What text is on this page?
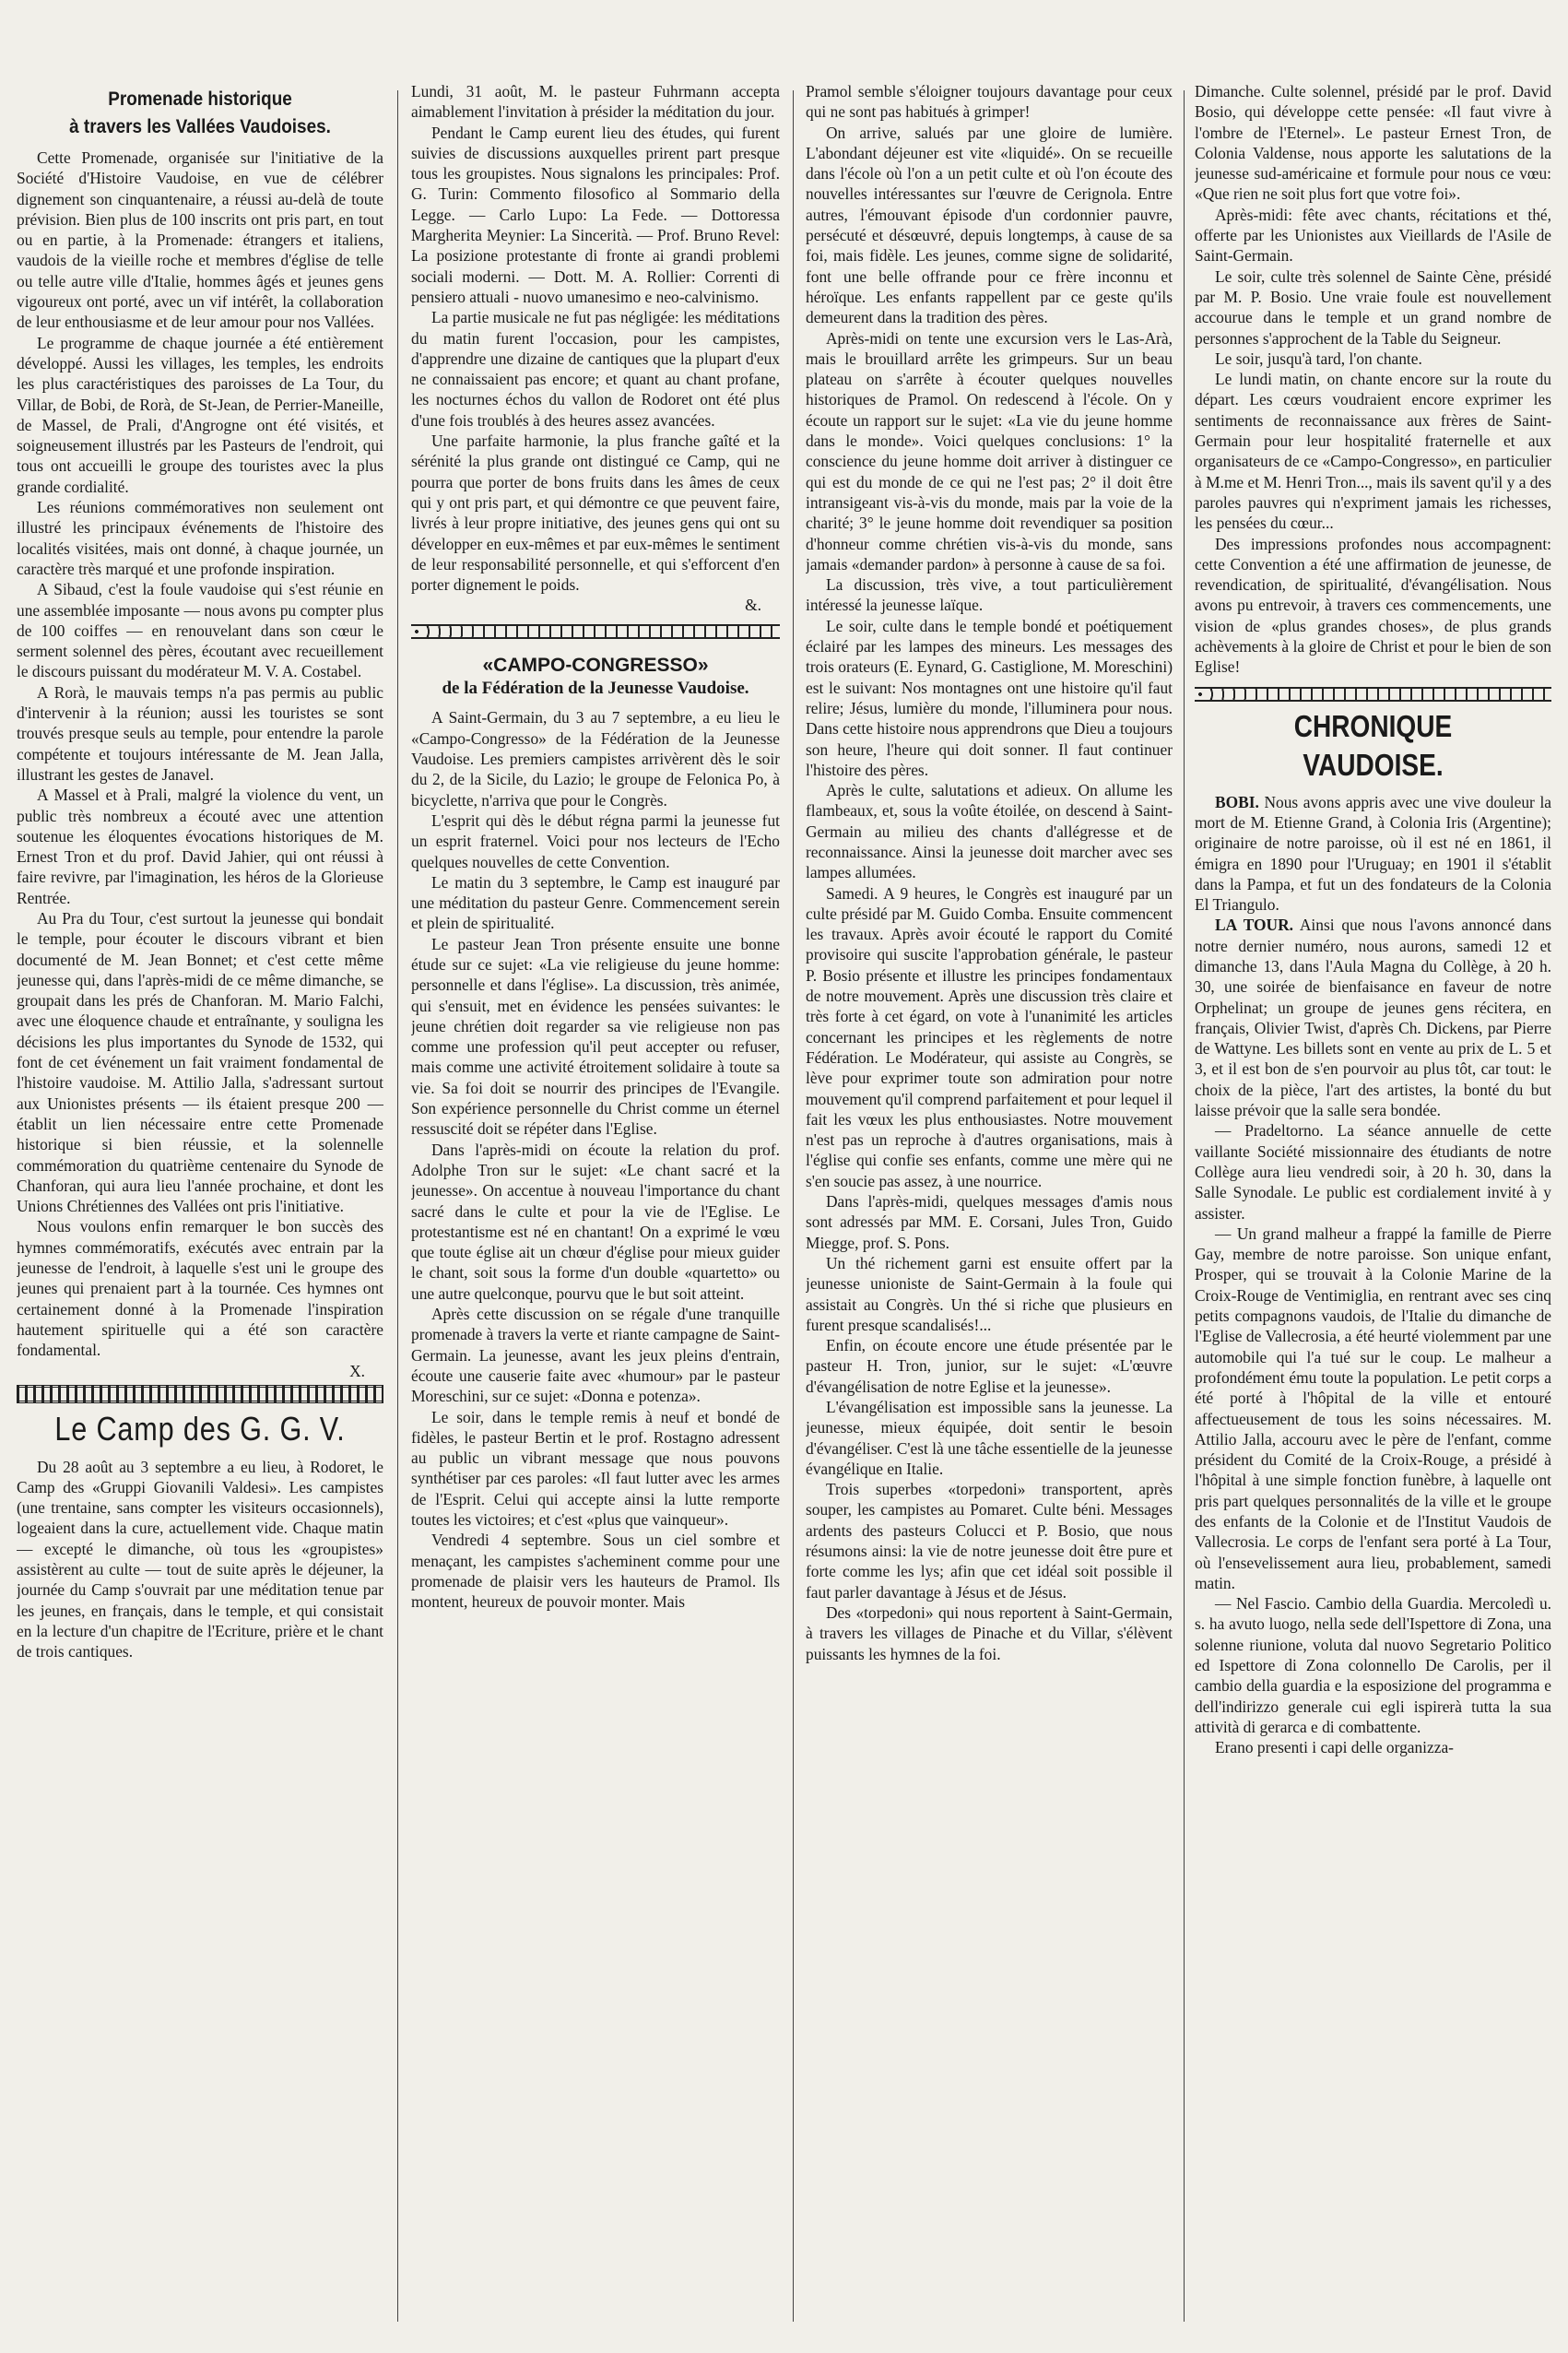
Promenade historique
à travers les Vallées Vaudoises.

Cette Promenade, organisée sur l'initiative de la Société d'Histoire Vaudoise, en vue de célébrer dignement son cinquantenaire, a réussi au-delà de toute prévision. Bien plus de 100 inscrits ont pris part, en tout ou en partie, à la Promenade: étrangers et italiens, vaudois de la vieille roche et membres d'église de telle ou telle autre ville d'Italie, hommes âgés et jeunes gens vigoureux ont porté, avec un vif intérêt, la collaboration de leur enthousiasme et de leur amour pour nos Vallées.

Le programme de chaque journée a été entièrement développé. Aussi les villages, les temples, les endroits les plus caractéristiques des paroisses de La Tour, du Villar, de Bobi, de Rorà, de St-Jean, de Perrier-Maneille, de Massel, de Prali, d'Angrogne ont été visités, et soigneusement illustrés par les Pasteurs de l'endroit, qui tous ont accueilli le groupe des touristes avec la plus grande cordialité.

Les réunions commémoratives non seulement ont illustré les principaux événements de l'histoire des localités visitées, mais ont donné, à chaque journée, un caractère très marqué et une profonde inspiration.

A Sibaud, c'est la foule vaudoise qui s'est réunie en une assemblée imposante — nous avons pu compter plus de 100 coiffes — en renouvelant dans son cœur le serment solennel des pères, écoutant avec recueillement le discours puissant du modérateur M. V. A. Costabel.

A Rorà, le mauvais temps n'a pas permis au public d'intervenir à la réunion; aussi les touristes se sont trouvés presque seuls au temple, pour entendre la parole compétente et toujours intéressante de M. Jean Jalla, illustrant les gestes de Janavel.

A Massel et à Prali, malgré la violence du vent, un public très nombreux a écouté avec une attention soutenue les éloquentes évocations historiques de M. Ernest Tron et du prof. David Jahier, qui ont réussi à faire revivre, par l'imagination, les héros de la Glorieuse Rentrée.

Au Pra du Tour, c'est surtout la jeunesse qui bondait le temple, pour écouter le discours vibrant et bien documenté de M. Jean Bonnet; et c'est cette même jeunesse qui, dans l'après-midi de ce même dimanche, se groupait dans les prés de Chanforan. M. Mario Falchi, avec une éloquence chaude et entraînante, y souligna les décisions les plus importantes du Synode de 1532, qui font de cet événement un fait vraiment fondamental de l'histoire vaudoise. M. Attilio Jalla, s'adressant surtout aux Unionistes présents — ils étaient presque 200 — établit un lien nécessaire entre cette Promenade historique si bien réussie, et la solennelle commémoration du quatrième centenaire du Synode de Chanforan, qui aura lieu l'année prochaine, et dont les Unions Chrétiennes des Vallées ont pris l'initiative.

Nous voulons enfin remarquer le bon succès des hymnes commémoratifs, exécutés avec entrain par la jeunesse de l'endroit, à laquelle s'est uni le groupe des jeunes qui prenaient part à la tournée. Ces hymnes ont certainement donné à la Promenade l'inspiration hautement spirituelle qui a été son caractère fondamental.

X.
Le Camp des G. G. V.

Du 28 août au 3 septembre a eu lieu, à Rodoret, le Camp des «Gruppi Giovanili Valdesi». Les campistes (une trentaine, sans compter les visiteurs occasionnels), logeaient dans la cure, actuellement vide. Chaque matin — excepté le dimanche, où tous les «groupistes» assistèrent au culte — tout de suite après le déjeuner, la journée du Camp s'ouvrait par une méditation tenue par les jeunes, en français, dans le temple, et qui consistait en la lecture d'un chapitre de l'Ecriture, prière et le chant de trois cantiques.

Lundi, 31 août, M. le pasteur Fuhrmann accepta aimablement l'invitation à présider la méditation du jour.

Pendant le Camp eurent lieu des études, qui furent suivies de discussions auxquelles prirent part presque tous les groupistes. Nous signalons les principales: Prof. G. Turin: Commento filosofico al Sommario della Legge. — Carlo Lupo: La Fede. — Dottoressa Margherita Meynier: La Sincerità. — Prof. Bruno Revel: La posizione protestante di fronte ai grandi problemi sociali moderni. — Dott. M. A. Rollier: Correnti di pensiero attuali - nuovo umanesimo e neo-calvinismo.

La partie musicale ne fut pas négligée: les méditations du matin furent l'occasion, pour les campistes, d'apprendre une dizaine de cantiques que la plupart d'eux ne connaissaient pas encore; et quant au chant profane, les nocturnes échos du vallon de Rodoret ont été plus d'une fois troublés à des heures assez avancées.

Une parfaite harmonie, la plus franche gaîté et la sérénité la plus grande ont distingué ce Camp, qui ne pourra que porter de bons fruits dans les âmes de ceux qui y ont pris part, et qui démontre ce que peuvent faire, livrés à leur propre initiative, des jeunes gens qui ont su développer en eux-mêmes et par eux-mêmes le sentiment de leur responsabilité personnelle, et qui s'efforcent d'en porter dignement le poids.

&.
«CAMPO-CONGRESSO»
de la Fédération de la Jeunesse Vaudoise.

A Saint-Germain, du 3 au 7 septembre, a eu lieu le «Campo-Congresso» de la Fédération de la Jeunesse Vaudoise. Les premiers campistes arrivèrent dès le soir du 2, de la Sicile, du Lazio; le groupe de Felonica Po, à bicyclette, n'arriva que pour le Congrès.

L'esprit qui dès le début régna parmi la jeunesse fut un esprit fraternel. Voici pour nos lecteurs de l'Echo quelques nouvelles de cette Convention.

Le matin du 3 septembre, le Camp est inauguré par une méditation du pasteur Genre. Commencement serein et plein de spiritualité.

Le pasteur Jean Tron présente ensuite une bonne étude sur ce sujet: «La vie religieuse du jeune homme: personnelle et dans l'église». La discussion, très animée, qui s'ensuit, met en évidence les pensées suivantes: le jeune chrétien doit regarder sa vie religieuse non pas comme une profession qu'il peut accepter ou refuser, mais comme une activité étroitement solidaire à toute sa vie. Sa foi doit se nourrir des principes de l'Evangile. Son expérience personnelle du Christ comme un éternel ressuscité doit se répéter dans l'Eglise.

Dans l'après-midi on écoute la relation du prof. Adolphe Tron sur le sujet: «Le chant sacré et la jeunesse». On accentue à nouveau l'importance du chant sacré dans le culte et pour la vie de l'Eglise. Le protestantisme est né en chantant! On a exprimé le vœu que toute église ait un chœur d'église pour mieux guider le chant, soit sous la forme d'un double «quartetto» ou une autre quelconque, pourvu que le but soit atteint.

Après cette discussion on se régale d'une tranquille promenade à travers la verte et riante campagne de Saint-Germain. La jeunesse, avant les jeux pleins d'entrain, écoute une causerie faite avec «humour» par le pasteur Moreschini, sur ce sujet: «Donna e potenza».

Le soir, dans le temple remis à neuf et bondé de fidèles, le pasteur Bertin et le prof. Rostagno adressent au public un vibrant message que nous pouvons synthétiser par ces paroles: «Il faut lutter avec les armes de l'Esprit. Celui qui accepte ainsi la lutte remporte toutes les victoires; et c'est «plus que vainqueur».

Vendredi 4 septembre. Sous un ciel sombre et menaçant, les campistes s'acheminent comme pour une promenade de plaisir vers les hauteurs de Pramol. Ils montent, heureux de pouvoir monter. Mais

Pramol semble s'éloigner toujours davantage pour ceux qui ne sont pas habitués à grimper!

On arrive, salués par une gloire de lumière. L'abondant déjeuner est vite «liquidé». On se recueille dans l'école où l'on a un petit culte et où l'on écoute des nouvelles intéressantes sur l'œuvre de Cerignola. Entre autres, l'émouvant épisode d'un cordonnier pauvre, persécuté et désœuvré, depuis longtemps, à cause de sa foi, mais fidèle. Les jeunes, comme signe de solidarité, font une belle offrande pour ce frère inconnu et héroïque. Les enfants rappellent par ce geste qu'ils demeurent dans la tradition des pères.

Après-midi on tente une excursion vers le Las-Arà, mais le brouillard arrête les grimpeurs. Sur un beau plateau on s'arrête à écouter quelques nouvelles historiques de Pramol. On redescend à l'école. On y écoute un rapport sur le sujet: «La vie du jeune homme dans le monde». Voici quelques conclusions: 1° la conscience du jeune homme doit arriver à distinguer ce qui est du monde de ce qui ne l'est pas; 2° il doit être intransigeant vis-à-vis du monde, mais par la voie de la charité; 3° le jeune homme doit revendiquer sa position d'honneur comme chrétien vis-à-vis du monde, sans jamais «demander pardon» à personne à cause de sa foi.

La discussion, très vive, a tout particulièrement intéressé la jeunesse laïque.

Le soir, culte dans le temple bondé et poétiquement éclairé par les lampes des mineurs. Les messages des trois orateurs (E. Eynard, G. Castiglione, M. Moreschini) est le suivant: Nos montagnes ont une histoire qu'il faut relire; Jésus, lumière du monde, l'illuminera pour nous. Dans cette histoire nous apprendrons que Dieu a toujours son heure, l'heure qui doit sonner. Il faut continuer l'histoire des pères.

Après le culte, salutations et adieux. On allume les flambeaux, et, sous la voûte étoilée, on descend à Saint-Germain au milieu des chants d'allégresse et de reconnaissance. Ainsi la jeunesse doit marcher avec ses lampes allumées.

Samedi. A 9 heures, le Congrès est inauguré par un culte présidé par M. Guido Comba. Ensuite commencent les travaux. Après avoir écouté le rapport du Comité provisoire qui suscite l'approbation générale, le pasteur P. Bosio présente et illustre les principes fondamentaux de notre mouvement. Après une discussion très claire et très forte à cet égard, on vote à l'unanimité les articles concernant les principes et les règlements de notre Fédération. Le Modérateur, qui assiste au Congrès, se lève pour exprimer toute son admiration pour notre mouvement qu'il comprend parfaitement et pour lequel il fait les vœux les plus enthousiastes. Notre mouvement n'est pas un reproche à d'autres organisations, mais à l'église qui confie ses enfants, comme une mère qui ne s'en soucie pas assez, à une nourrice.

Dans l'après-midi, quelques messages d'amis nous sont adressés par MM. E. Corsani, Jules Tron, Guido Miegge, prof. S. Pons.

Un thé richement garni est ensuite offert par la jeunesse unioniste de Saint-Germain à la foule qui assistait au Congrès. Un thé si riche que plusieurs en furent presque scandalisés!...

Enfin, on écoute encore une étude présentée par le pasteur H. Tron, junior, sur le sujet: «L'œuvre d'évangélisation de notre Eglise et la jeunesse».

L'évangélisation est impossible sans la jeunesse. La jeunesse, mieux équipée, doit sentir le besoin d'évangéliser. C'est là une tâche essentielle de la jeunesse évangélique en Italie.

Trois superbes «torpedoni» transportent, après souper, les campistes au Pomaret. Culte béni. Messages ardents des pasteurs Colucci et P. Bosio, que nous résumons ainsi: la vie de notre jeunesse doit être pure et forte comme les lys; afin que cet idéal soit possible il faut parler davantage à Jésus et de Jésus.

Des «torpedoni» qui nous reportent à Saint-Germain, à travers les villages de Pinache et du Villar, s'élèvent puissants les hymnes de la foi.

Dimanche. Culte solennel, présidé par le prof. David Bosio, qui développe cette pensée: «Il faut vivre à l'ombre de l'Eternel». Le pasteur Ernest Tron, de Colonia Valdense, nous apporte les salutations de la jeunesse sud-américaine et formule pour nous ce vœu: «Que rien ne soit plus fort que votre foi».

Après-midi: fête avec chants, récitations et thé, offerte par les Unionistes aux Vieillards de l'Asile de Saint-Germain.

Le soir, culte très solennel de Sainte Cène, présidé par M. P. Bosio. Une vraie foule est nouvellement accourue dans le temple et un grand nombre de personnes s'approchent de la Table du Seigneur.

Le soir, jusqu'à tard, l'on chante.

Le lundi matin, on chante encore sur la route du départ. Les cœurs voudraient encore exprimer les sentiments de reconnaissance aux frères de Saint-Germain pour leur hospitalité fraternelle et aux organisateurs de ce «Campo-Congresso», en particulier à M.me et M. Henri Tron..., mais ils savent qu'il y a des paroles pauvres qui n'expriment jamais les richesses, les pensées du cœur...

Des impressions profondes nous accompagnent: cette Convention a été une affirmation de jeunesse, de revendication, de spiritualité, d'évangélisation. Nous avons pu entrevoir, à travers ces commencements, une vision de «plus grandes choses», de plus grands achèvements à la gloire de Christ et pour le bien de son Eglise!

CHRONIQUE VAUDOISE.

BOBI. Nous avons appris avec une vive douleur la mort de M. Etienne Grand, à Colonia Iris (Argentine); originaire de notre paroisse, où il est né en 1861, il émigra en 1890 pour l'Uruguay; en 1901 il s'établit dans la Pampa, et fut un des fondateurs de la Colonia El Triangulo.

LA TOUR. Ainsi que nous l'avons annoncé dans notre dernier numéro, nous aurons, samedi 12 et dimanche 13, dans l'Aula Magna du Collège, à 20 h. 30, une soirée de bienfaisance en faveur de notre Orphelinat; un groupe de jeunes gens récitera, en français, Olivier Twist, d'après Ch. Dickens, par Pierre de Wattyne. Les billets sont en vente au prix de L. 5 et 3, et il est bon de s'en pourvoir au plus tôt, car tout: le choix de la pièce, l'art des artistes, la bonté du but laisse prévoir que la salle sera bondée.

— Pradeltorno. La séance annuelle de cette vaillante Société missionnaire des étudiants de notre Collège aura lieu vendredi soir, à 20 h. 30, dans la Salle Synodale. Le public est cordialement invité à y assister.

— Un grand malheur a frappé la famille de Pierre Gay, membre de notre paroisse. Son unique enfant, Prosper, qui se trouvait à la Colonie Marine de la Croix-Rouge de Ventimiglia, en rentrant avec ses cinq petits compagnons vaudois, de l'Italie du dimanche de l'Eglise de Vallecrosia, a été heurté violemment par une automobile qui l'a tué sur le coup. Le malheur a profondément ému toute la population. Le petit corps a été porté à l'hôpital de la ville et entouré affectueusement de tous les soins nécessaires. M. Attilio Jalla, accouru avec le père de l'enfant, comme président du Comité de la Croix-Rouge, a présidé à l'hôpital à une simple fonction funèbre, à laquelle ont pris part quelques personnalités de la ville et le groupe des enfants de la Colonie et de l'Institut Vaudois de Vallecrosia. Le corps de l'enfant sera porté à La Tour, où l'ensevelissement aura lieu, probablement, samedi matin.

— Nel Fascio. Cambio della Guardia. Mercoledì u. s. ha avuto luogo, nella sede dell'Ispettore di Zona, una solenne riunione, voluta dal nuovo Segretario Politico ed Ispettore di Zona colonnello De Carolis, per il cambio della guardia e la esposizione del programma e dell'indirizzo generale cui egli ispirerà tutta la sua attività di gerarca e di combattente.

Erano presenti i capi delle organizza-
